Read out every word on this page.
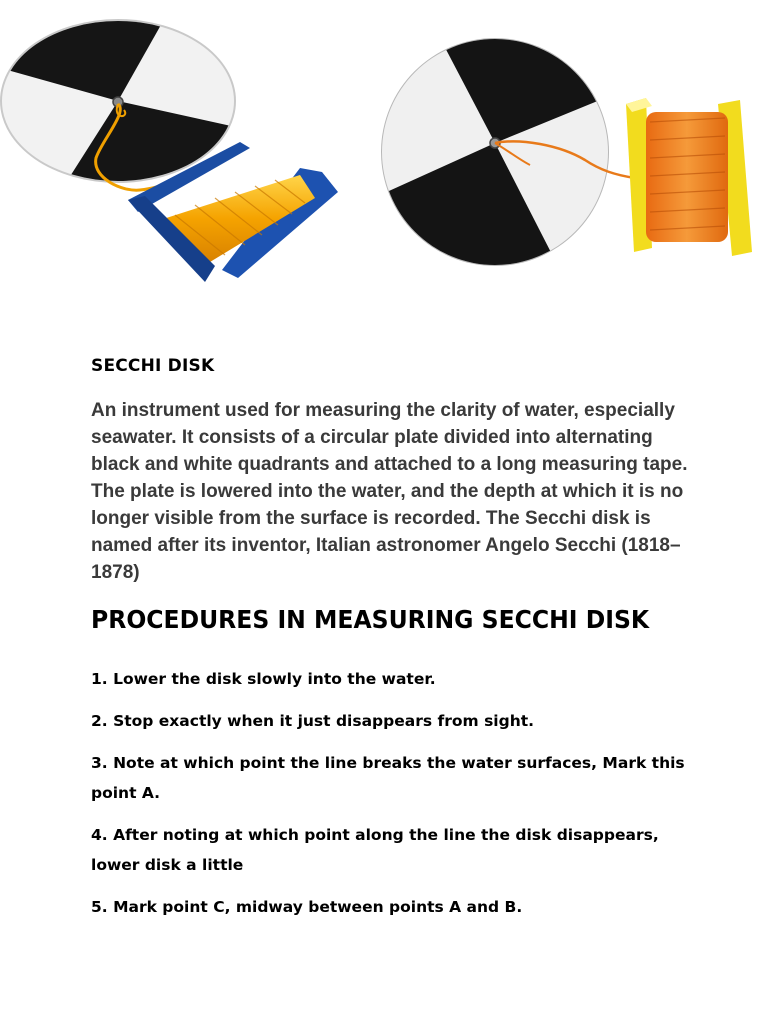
SECCHI DISK

An instrument used for measuring the clarity of water, especially seawater. It consists of a circular plate divided into alternating black and white quadrants and attached to a long measuring tape. The plate is lowered into the water, and the depth at which it is no longer visible from the surface is recorded. The Secchi disk is named after its inventor, Italian astronomer Angelo Secchi (1818–1878)

PROCEDURES IN MEASURING SECCHI DISK
1. Lower the disk slowly into the water.
2. Stop exactly when it just disappears from sight.
3. Note at which point the line breaks the water surfaces, Mark this point A.
4. After noting at which point along the line the disk disappears, lower disk a little
5. Mark point C, midway between points A and B.
